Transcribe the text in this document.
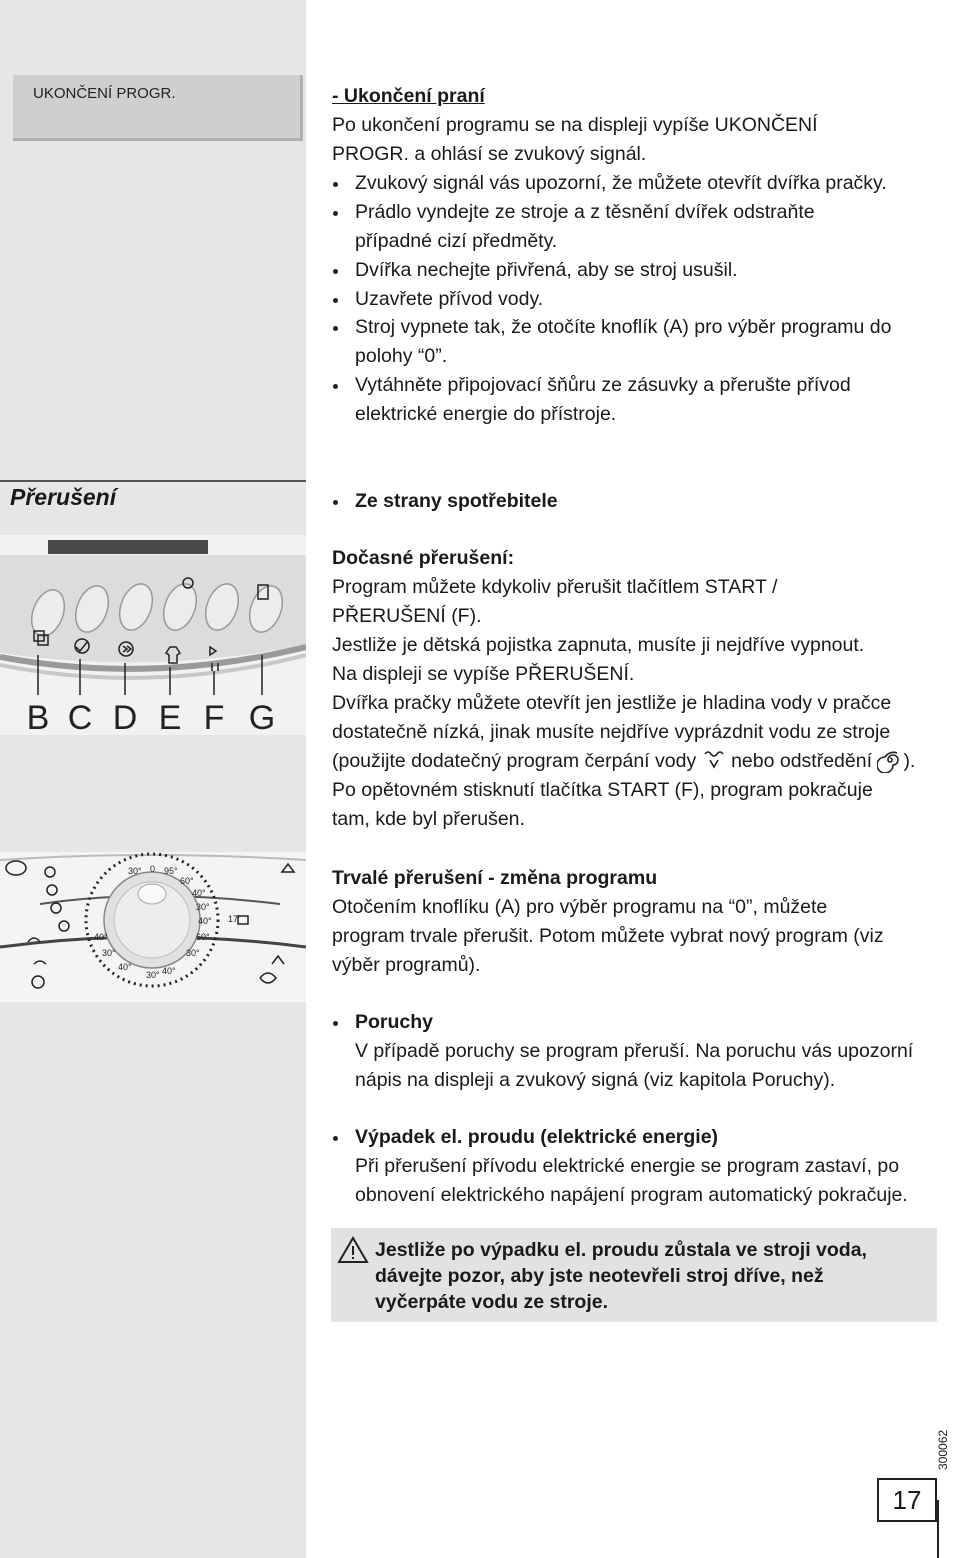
UKONČENÍ PROGR.	- Ukončení praní
Po ukončení programu se na displeji vypíše UKONČENÍ
PROGR. a ohlásí se zvukový signál.
Zvukový signál vás upozorní, že můžete otevřít dvířka pračky.
Prádlo vyndejte ze stroje a z těsnění dvířek odstraňte
případné cizí předměty.
Dvířka nechejte přivřená, aby se stroj usušil.
Uzavřete přívod vody.
Stroj vypnete tak, že otočíte knoflík (A) pro výběr programu do
polohy “0”.
Vytáhněte připojovací šňůru ze zásuvky a přerušte přívod
elektrické energie do přístroje.
Přerušení
B C D E F G
30° 0 95°
60°
40°
30°
40°
60°
30°
40°
30°
40°
30°
40°
17'
Ze strany spotřebitele
Dočasné přerušení:
Program můžete kdykoliv přerušit tlačítlem START /
PŘERUŠENÍ (F).
Jestliže je dětská pojistka zapnuta, musíte ji nejdříve vypnout.
Na displeji se vypíše PŘERUŠENÍ.
Dvířka pračky můžete otevřít jen jestliže je hladina vody v pračce
dostatečně nízká, jinak musíte nejdříve vyprázdnit vodu ze stroje
(použijte dodatečný program čerpání vody nebo odstředění ).
Po opětovném stisknutí tlačítka START (F), program pokračuje
tam, kde byl přerušen.
Trvalé přerušení - změna programu
Otočením knoflíku (A) pro výběr programu na “0”, můžete
program trvale přerušit. Potom můžete vybrat nový program (viz
výběr programů).
Poruchy
V případě poruchy se program přeruší. Na poruchu vás upozorní
nápis na displeji a zvukový signá (viz kapitola Poruchy).
Výpadek el. proudu (elektrické energie)
Při přerušení přívodu elektrické energie se program zastaví, po
obnovení elektrického napájení program automatický pokračuje.
Jestliže po výpadku el. proudu zůstala ve stroji voda,
dávejte pozor, aby jste neotevřeli stroj dříve, než
vyčerpáte vodu ze stroje.
300062
17
